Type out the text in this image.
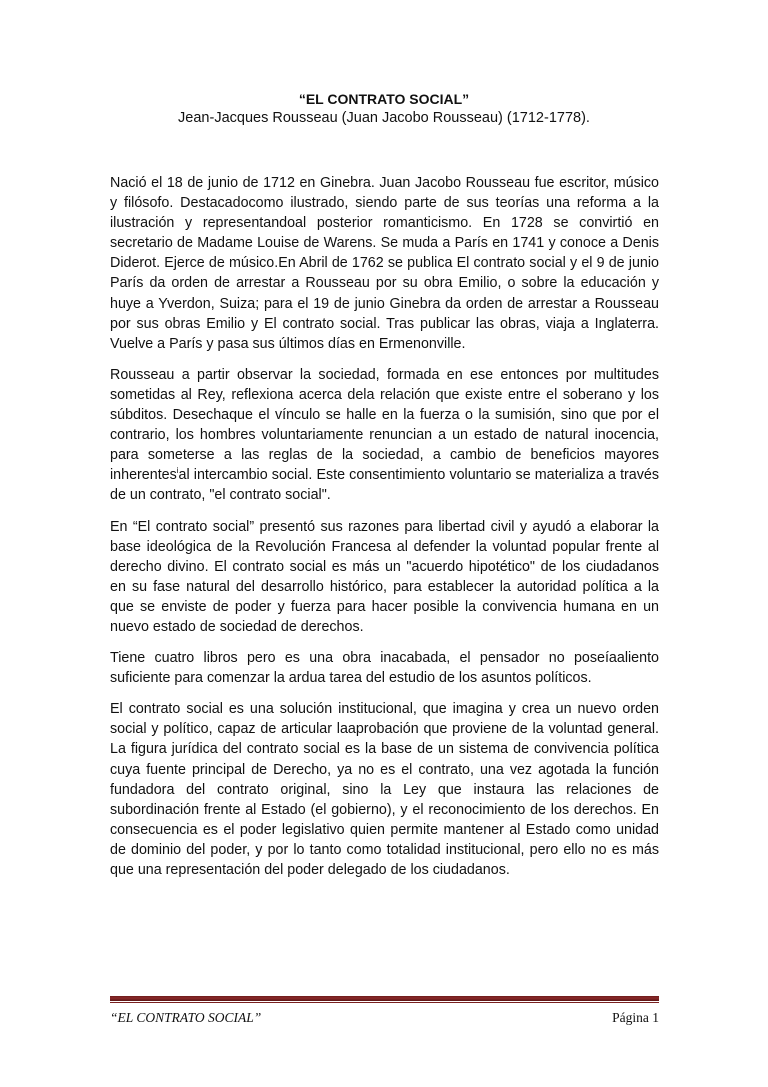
“EL CONTRATO SOCIAL”

Jean-Jacques Rousseau (Juan Jacobo Rousseau) (1712-1778).

Nació el 18 de junio de 1712 en Ginebra. Juan Jacobo Rousseau fue escritor, músico y filósofo. Destacadocomo ilustrado, siendo parte de sus teorías una reforma a la ilustración y representandoal posterior romanticismo. En 1728 se convirtió en secretario de Madame Louise de Warens. Se muda a París en 1741 y conoce a Denis Diderot. Ejerce de músico.En Abril de 1762 se publica El contrato social y el 9 de junio París da orden de arrestar a Rousseau por su obra Emilio, o sobre la educación y huye a Yverdon, Suiza; para el 19 de junio Ginebra da orden de arrestar a Rousseau por sus obras Emilio y El contrato social. Tras publicar las obras, viaja a Inglaterra. Vuelve a París y pasa sus últimos días en Ermenonville.

Rousseau a partir observar la sociedad, formada en ese entonces por multitudes sometidas al Rey, reflexiona acerca dela relación que existe entre el soberano y los súbditos. Desechaque el vínculo se halle en la fuerza o la sumisión, sino que por el contrario, los hombres voluntariamente renuncian a un estado de natural inocencia, para someterse a las reglas de la sociedad, a cambio de beneficios mayores inherentes$^i$al intercambio social. Este consentimiento voluntario se materializa a través de un contrato, "el contrato social".

En “El contrato social” presentó sus razones para libertad civil y ayudó a elaborar la base ideológica de la Revolución Francesa al defender la voluntad popular frente al derecho divino. El contrato social es más un "acuerdo hipotético" de los ciudadanos en su fase natural del desarrollo histórico, para establecer la autoridad política a la que se enviste de poder y fuerza para hacer posible la convivencia humana en un nuevo estado de sociedad de derechos.

Tiene cuatro libros pero es una obra inacabada, el pensador no poseíaaliento suficiente para comenzar la ardua tarea del estudio de los asuntos políticos.

El contrato social es una solución institucional, que imagina y crea un nuevo orden social y político, capaz de articular laaprobación que proviene de la voluntad general. La figura jurídica del contrato social es la base de un sistema de convivencia política cuya fuente principal de Derecho, ya no es el contrato, una vez agotada la función fundadora del contrato original, sino la Ley que instaura las relaciones de subordinación frente al Estado (el gobierno), y el reconocimiento de los derechos. En consecuencia es el poder legislativo quien permite mantener al Estado como unidad de dominio del poder, y por lo tanto como totalidad institucional, pero ello no es más que una representación del poder delegado de los ciudadanos.

“EL CONTRATO SOCIAL”	Página 1
